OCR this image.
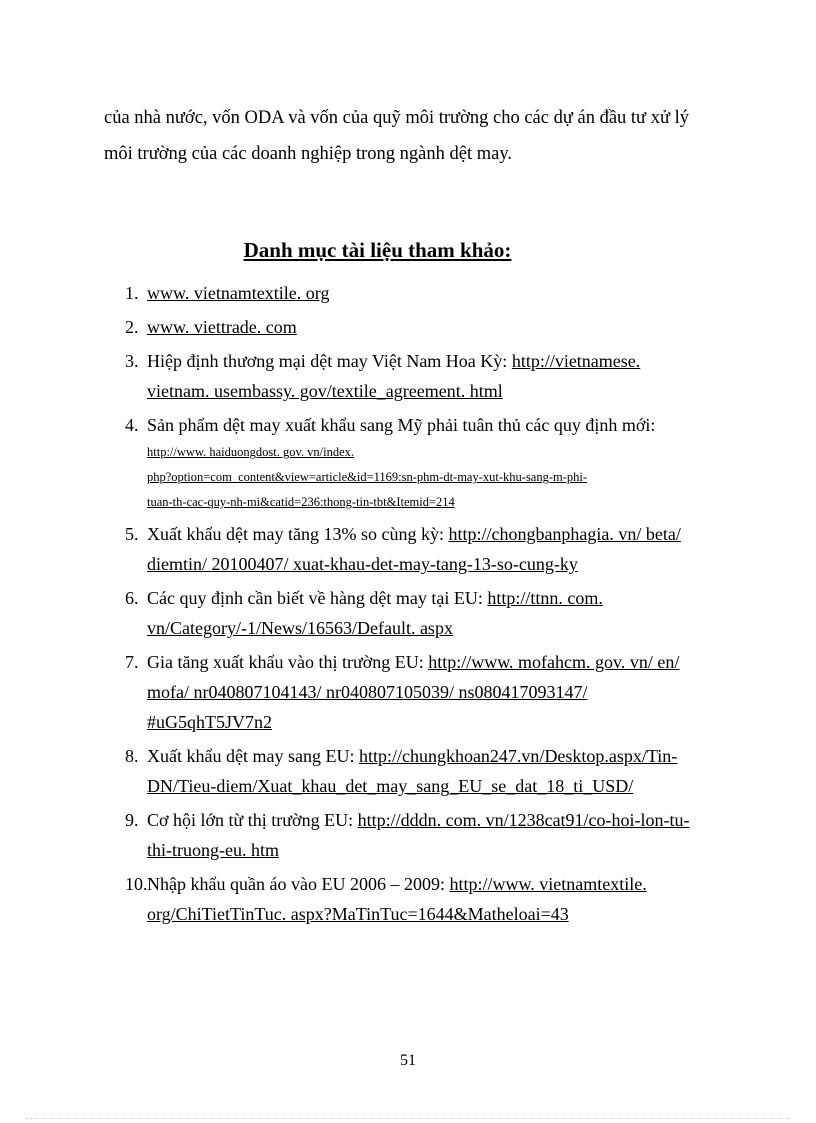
của nhà nước, vốn ODA và vốn của quỹ môi trường cho các dự án đầu tư xử lý
môi trường của các doanh nghiệp trong ngành dệt may.

Danh mục tài liệu tham khảo:
1. www. vietnamtextile. org
2. www. viettrade. com
3. Hiệp định thương mại dệt may Việt Nam Hoa Kỳ: http://vietnamese.
vietnam. usembassy. gov/textile_agreement. html
4. Sản phẩm dệt may xuất khẩu sang Mỹ phải tuân thủ các quy định mới:
http://www. haiduongdost. gov. vn/index.
php?option=com_content&view=article&id=1169:sn-phm-dt-may-xut-khu-sang-m-phi-
tuan-th-cac-quy-nh-mi&catid=236:thong-tin-tbt&Itemid=214
5. Xuất khẩu dệt may tăng 13% so cùng kỳ: http://chongbanphagia. vn/ beta/
diemtin/ 20100407/ xuat-khau-det-may-tang-13-so-cung-ky
6. Các quy định cần biết về hàng dệt may tại EU: http://ttnn. com.
vn/Category/-1/News/16563/Default. aspx
7. Gia tăng xuất khẩu vào thị trường EU: http://www. mofahcm. gov. vn/ en/
mofa/ nr040807104143/ nr040807105039/ ns080417093147/
#uG5qhT5JV7n2
8. Xuất khẩu dệt may sang EU: http://chungkhoan247.vn/Desktop.aspx/Tin-
DN/Tieu-diem/Xuat_khau_det_may_sang_EU_se_dat_18_ti_USD/
9. Cơ hội lớn từ thị trường EU: http://dddn. com. vn/1238cat91/co-hoi-lon-tu-
thi-truong-eu. htm
10. Nhập khẩu quần áo vào EU 2006 – 2009: http://www. vietnamtextile.
org/ChiTietTinTuc. aspx?MaTinTuc=1644&Matheloai=43
51
